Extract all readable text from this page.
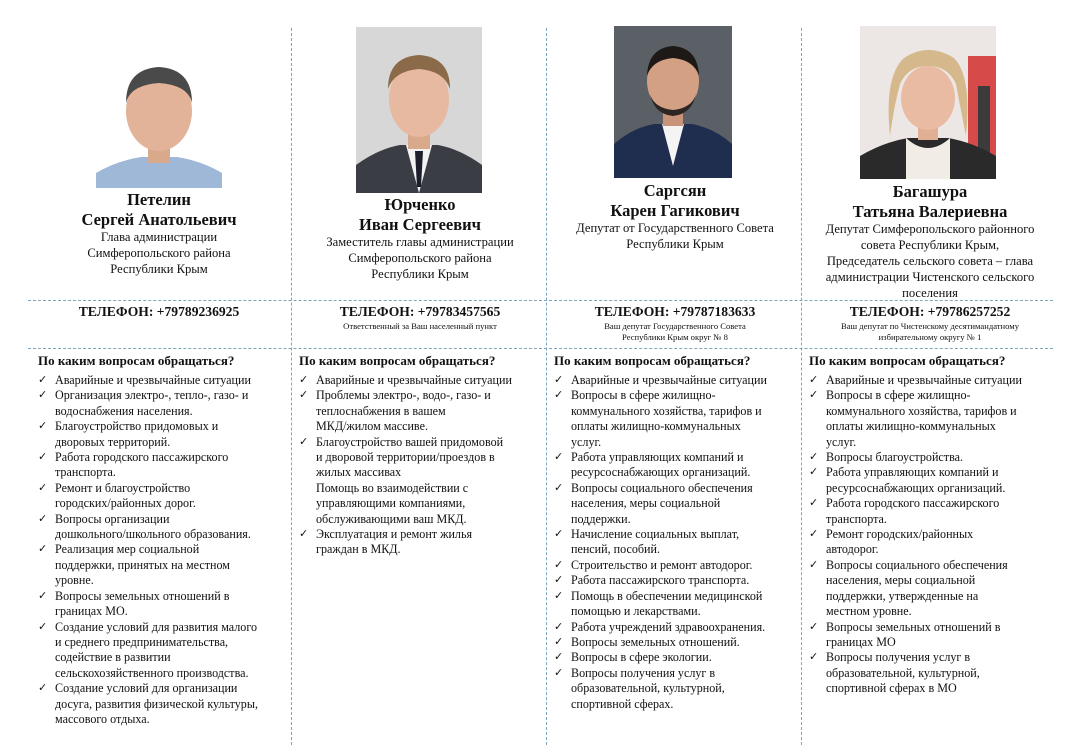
Петелин
Сергей Анатольевич
Глава администрации
Симферопольского района
Республики Крым
ТЕЛЕФОН: +79789236925
По каким вопросам обращаться?
✓ Аварийные и чрезвычайные ситуации
✓ Организация электро-, тепло-, газо- и
водоснабжения населения.
✓ Благоустройство придомовых и
дворовых территорий.
✓ Работа городского пассажирского
транспорта.
✓ Ремонт и благоустройство
городских/районных дорог.
✓ Вопросы организации
дошкольного/школьного образования.
✓ Реализация мер социальной
поддержки, принятых на местном
уровне.
✓ Вопросы земельных отношений в
границах МО.
✓ Создание условий для развития малого
и среднего предпринимательства,
содействие в развитии
сельскохозяйственного производства.
✓ Создание условий для организации
досуга, развития физической культуры,
массового отдыха.
Юрченко
Иван Сергеевич
Заместитель главы администрации
Симферопольского района
Республики Крым
ТЕЛЕФОН: +79783457565
Ответственный за Ваш населенный пункт
По каким вопросам обращаться?
✓ Аварийные и чрезвычайные ситуации
✓ Проблемы электро-, водо-, газо- и
теплоснабжения в вашем
МКД/жилом массиве.
✓ Благоустройство вашей придомовой
и дворовой территории/проездов в
жилых массивах
Помощь во взаимодействии с
управляющими компаниями,
обслуживающими ваш МКД.
✓ Эксплуатация и ремонт жилья
граждан в МКД.
Саргсян
Карен Гагикович
Депутат от Государственного Совета
Республики Крым
ТЕЛЕФОН: +79787183633
Ваш депутат Государственного Совета
Республики Крым округ № 8
По каким вопросам обращаться?
✓ Аварийные и чрезвычайные ситуации
✓ Вопросы в сфере жилищно-
коммунального хозяйства, тарифов и
оплаты жилищно-коммунальных
услуг.
✓ Работа управляющих компаний и
ресурсоснабжающих организаций.
✓ Вопросы социального обеспечения
населения, меры социальной
поддержки.
✓ Начисление социальных выплат,
пенсий, пособий.
✓ Строительство и ремонт автодорог.
✓ Работа пассажирского транспорта.
✓ Помощь в обеспечении медицинской
помощью и лекарствами.
✓ Работа учреждений здравоохранения.
✓ Вопросы земельных отношений.
✓ Вопросы в сфере экологии.
✓ Вопросы получения услуг в
образовательной, культурной,
спортивной сферах.
Багашура
Татьяна Валериевна
Депутат Симферопольского районного
совета Республики Крым,
Председатель сельского совета – глава
администрации Чистенского сельского
поселения
ТЕЛЕФОН: +79786257252
Ваш депутат по Чистенскому десятимандатному
избирательному округу № 1
По каким вопросам обращаться?
✓ Аварийные и чрезвычайные ситуации
✓ Вопросы в сфере жилищно-
коммунального хозяйства, тарифов и
оплаты жилищно-коммунальных
услуг.
✓ Вопросы благоустройства.
✓ Работа управляющих компаний и
ресурсоснабжающих организаций.
✓ Работа городского пассажирского
транспорта.
✓ Ремонт городских/районных
автодорог.
✓ Вопросы социального обеспечения
населения, меры социальной
поддержки, утвержденные на
местном уровне.
✓ Вопросы земельных отношений в
границах МО
✓ Вопросы получения услуг в
образовательной, культурной,
спортивной сферах в МО
